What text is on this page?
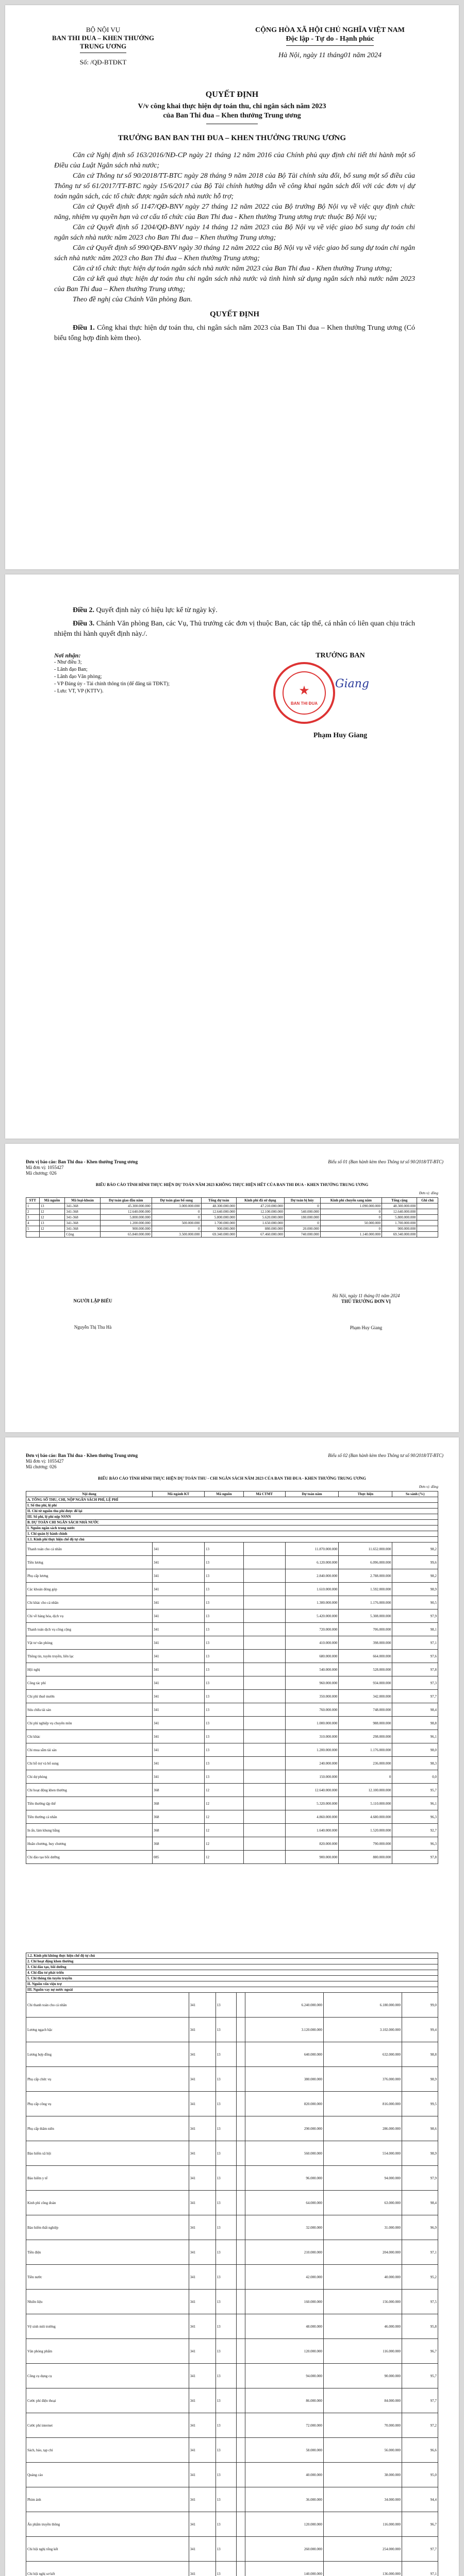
BỘ NỘI VỤ
BAN THI ĐUA – KHEN THƯỞNG
TRUNG ƯƠNG
Số: /QĐ-BTĐKT
CỘNG HÒA XÃ HỘI CHỦ NGHĨA VIỆT NAM
Độc lập - Tự do - Hạnh phúc
Hà Nội, ngày 11 tháng01 năm 2024
QUYẾT ĐỊNH
V/v công khai thực hiện dự toán thu, chi ngân sách năm 2023
của Ban Thi đua – Khen thưởng Trung ương
TRƯỞNG BAN BAN THI ĐUA – KHEN THƯỞNG TRUNG ƯƠNG
Căn cứ Nghị định số 163/2016/NĐ-CP ngày 21 tháng 12 năm 2016 của Chính phủ quy định chi tiết thi hành một số Điều của Luật Ngân sách nhà nước;
Căn cứ Thông tư số 90/2018/TT-BTC ngày 28 tháng 9 năm 2018 của Bộ Tài chính sửa đổi, bổ sung một số điều của Thông tư số 61/2017/TT-BTC ngày 15/6/2017 của Bộ Tài chính hướng dẫn về công khai ngân sách đối với các đơn vị dự toán ngân sách, các tổ chức được ngân sách nhà nước hỗ trợ;
Căn cứ Quyết định số 1147/QĐ-BNV ngày 27 tháng 12 năm 2022 của Bộ trưởng Bộ Nội vụ về việc quy định chức năng, nhiệm vụ quyền hạn và cơ cấu tổ chức của Ban Thi đua - Khen thưởng Trung ương trực thuộc Bộ Nội vụ;
Căn cứ Quyết định số 1204/QĐ-BNV ngày 14 tháng 12 năm 2023 của Bộ Nội vụ về việc giao bổ sung dự toán chi ngân sách nhà nước năm 2023 cho Ban Thi đua – Khen thưởng Trung ương;
Căn cứ Quyết định số 990/QĐ-BNV ngày 30 tháng 12 năm 2022 của Bộ Nội vụ về việc giao bổ sung dự toán chi ngân sách nhà nước năm 2023 cho Ban Thi đua – Khen thưởng Trung ương;
Căn cứ tổ chức thực hiện dự toán ngân sách nhà nước năm 2023 của Ban Thi đua - Khen thưởng Trung ương;
Căn cứ kết quả thực hiện dự toán thu chi ngân sách nhà nước và tình hình sử dụng ngân sách nhà nước năm 2023 của Ban Thi đua – Khen thưởng Trung ương;
Theo đề nghị của Chánh Văn phòng Ban.
QUYẾT ĐỊNH
Điều 1. Công khai thực hiện dự toán thu, chi ngân sách năm 2023 của Ban Thi đua – Khen thưởng Trung ương (Có biểu tổng hợp đính kèm theo).
Điều 2. Quyết định này có hiệu lực kể từ ngày ký.
Điều 3. Chánh Văn phòng Ban, các Vụ, Thủ trưởng các đơn vị thuộc Ban, các tập thể, cá nhân có liên quan chịu trách nhiệm thi hành quyết định này./.
Nơi nhận:
- Như điều 3;
- Lãnh đạo Ban;
- Lãnh đạo Văn phòng;
- VP Đảng ủy - Tài chính thông tin (để đăng tải TĐKT);
- Lưu: VT, VP (KTTV).
TRƯỞNG BAN
★
BAN THI ĐUA
Giang
Phạm Huy Giang
Đơn vị báo cáo: Ban Thi đua - Khen thưởng Trung ương
Mã đơn vị: 1055427
Mã chương: 026
Biểu số 01 (Ban hành kèm theo Thông tư số 90/2018/TT-BTC)
BIỂU BÁO CÁO TÌNH HÌNH THỰC HIỆN DỰ TOÁN NĂM 2023 KHÔNG THỰC HIỆN HẾT CỦA BAN THI ĐUA - KHEN THƯỞNG TRUNG ƯƠNG
Đơn vị: đồng
STT	Mã nguồn	Mã loại-khoản	Dự toán giao đầu năm	Dự toán giao bổ sung	Tổng dự toán	Kinh phí đã sử dụng	Dự toán bị hủy	Kinh phí chuyển sang năm	Tổng cộng	Ghi chú
1	13	341-368	45.300.000.000	3.000.000.000	48.300.000.000	47.210.000.000	0	1.090.000.000	48.300.000.000	
2	12	341-368	12.640.000.000	0	12.640.000.000	12.100.000.000	540.000.000	0	12.640.000.000	
3	12	341-368	5.800.000.000	0	5.800.000.000	5.620.000.000	180.000.000	0	5.800.000.000	
4	13	341-368	1.200.000.000	500.000.000	1.700.000.000	1.650.000.000	0	50.000.000	1.700.000.000	
5	12	341-368	900.000.000	0	900.000.000	880.000.000	20.000.000	0	900.000.000	
		Cộng	65.840.000.000	3.500.000.000	69.340.000.000	67.460.000.000	740.000.000	1.140.000.000	69.340.000.000	
NGƯỜI LẬP BIỂU
Nguyễn Thị Thu Hà
Hà Nội, ngày 11 tháng 01 năm 2024
THỦ TRƯỞNG ĐƠN VỊ
Phạm Huy Giang
Đơn vị báo cáo: Ban Thi đua - Khen thưởng Trung ương
Mã đơn vị: 1055427
Mã chương: 026
Biểu số 02 (Ban hành kèm theo Thông tư số 90/2018/TT-BTC)
BIỂU BÁO CÁO TÌNH HÌNH THỰC HIỆN DỰ TOÁN THU - CHI NGÂN SÁCH NĂM 2023 CỦA BAN THI ĐUA - KHEN THƯỞNG TRUNG ƯƠNG
Đơn vị: đồng
Nội dung	Mã ngành KT	Mã nguồn	Mã CTMT	Dự toán năm	Thực hiện	So sánh (%)
A. TỔNG SỐ THU, CHI, NỘP NGÂN SÁCH PHÍ, LỆ PHÍ						
I. Số thu phí, lệ phí						
II. Chi từ nguồn thu phí được để lại						
III. Số phí, lệ phí nộp NSNN						
B. DỰ TOÁN CHI NGÂN SÁCH NHÀ NƯỚC						
I. Nguồn ngân sách trong nước						
1. Chi quản lý hành chính						
1.1. Kinh phí thực hiện chế độ tự chủ						
Thanh toán cho cá nhân	341	13		11.870.000.000	11.652.000.000	98,2
Tiền lương	341	13		6.120.000.000	6.096.000.000	99,6
Phụ cấp lương	341	13		2.840.000.000	2.788.000.000	98,2
Các khoản đóng góp	341	13		1.610.000.000	1.592.000.000	98,9
Chi khác cho cá nhân	341	13		1.300.000.000	1.176.000.000	90,5
Chi về hàng hóa, dịch vụ	341	13		5.420.000.000	5.308.000.000	97,9
Thanh toán dịch vụ công cộng	341	13		720.000.000	706.000.000	98,1
Vật tư văn phòng	341	13		410.000.000	398.000.000	97,1
Thông tin, tuyên truyền, liên lạc	341	13		680.000.000	664.000.000	97,6
Hội nghị	341	13		540.000.000	528.000.000	97,8
Công tác phí	341	13		960.000.000	934.000.000	97,3
Chi phí thuê mướn	341	13		350.000.000	342.000.000	97,7
Sửa chữa tài sản	341	13		760.000.000	748.000.000	98,4
Chi phí nghiệp vụ chuyên môn	341	13		1.000.000.000	988.000.000	98,8
Chi khác	341	13		310.000.000	298.000.000	96,1
Chi mua sắm tài sản	341	13		1.200.000.000	1.176.000.000	98,0
Chi hỗ trợ và bổ sung	341	13		240.000.000	236.000.000	98,3
Chi dự phòng	341	13		150.000.000	0	0,0
Chi hoạt động khen thưởng	368	12		12.640.000.000	12.100.000.000	95,7
Tiền thưởng tập thể	368	12		5.320.000.000	5.110.000.000	96,1
Tiền thưởng cá nhân	368	12		4.860.000.000	4.680.000.000	96,3
In ấn, làm khung bằng	368	12		1.640.000.000	1.520.000.000	92,7
Huân chương, huy chương	368	12		820.000.000	790.000.000	96,3
Chi đào tạo bồi dưỡng	085	12		900.000.000	880.000.000	97,8
1.2. Kinh phí không thực hiện chế độ tự chủ						
2. Chi hoạt động khen thưởng						
3. Chi đào tạo, bồi dưỡng						
4. Chi đầu tư phát triển						
5. Chi thông tin tuyên truyền						
II. Nguồn vốn viện trợ						
III. Nguồn vay nợ nước ngoài						
Chi thanh toán cho cá nhân	341	13		6.240.000.000	6.180.000.000	99,0
Lương ngạch bậc	341	13		3.120.000.000	3.102.000.000	99,4
Lương hợp đồng	341	13		640.000.000	632.000.000	98,8
Phụ cấp chức vụ	341	13		380.000.000	376.000.000	98,9
Phụ cấp công vụ	341	13		820.000.000	816.000.000	99,5
Phụ cấp thâm niên	341	13		290.000.000	286.000.000	98,6
Bảo hiểm xã hội	341	13		560.000.000	554.000.000	98,9
Bảo hiểm y tế	341	13		96.000.000	94.000.000	97,9
Kinh phí công đoàn	341	13		64.000.000	63.000.000	98,4
Bảo hiểm thất nghiệp	341	13		32.000.000	31.000.000	96,9
Tiền điện	341	13		210.000.000	204.000.000	97,1
Tiền nước	341	13		42.000.000	40.000.000	95,2
Nhiên liệu	341	13		160.000.000	156.000.000	97,5
Vệ sinh môi trường	341	13		48.000.000	46.000.000	95,8
Văn phòng phẩm	341	13		120.000.000	116.000.000	96,7
Công cụ dụng cụ	341	13		94.000.000	90.000.000	95,7
Cước phí điện thoại	341	13		86.000.000	84.000.000	97,7
Cước phí internet	341	13		72.000.000	70.000.000	97,2
Sách, báo, tạp chí	341	13		58.000.000	56.000.000	96,6
Quảng cáo	341	13		40.000.000	38.000.000	95,0
Phim ảnh	341	13		36.000.000	34.000.000	94,4
Ấn phẩm truyền thông	341	13		120.000.000	116.000.000	96,7
Chi hội nghị tổng kết	341	13		260.000.000	254.000.000	97,7
Chi hội nghị sơ kết	341	13		140.000.000	136.000.000	97,1
